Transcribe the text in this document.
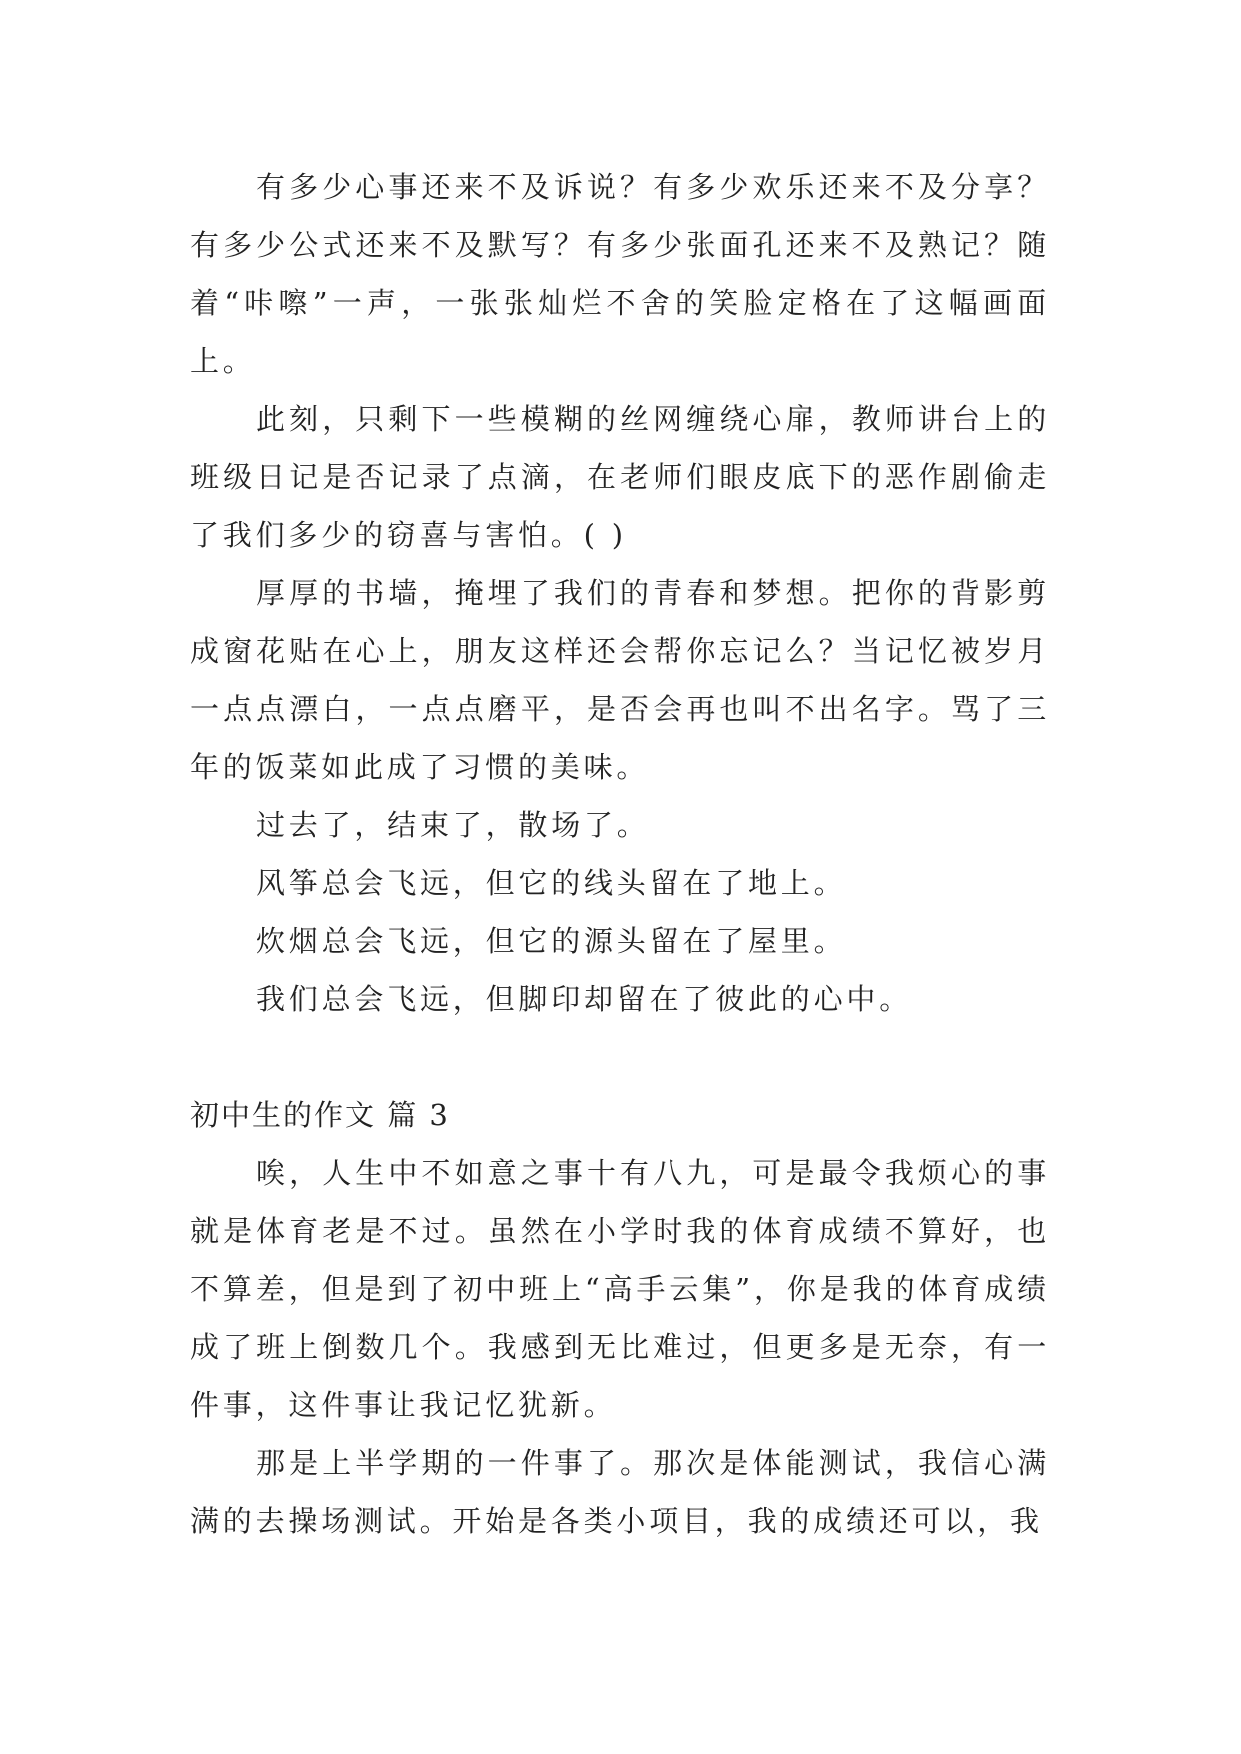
有多少心事还来不及诉说？有多少欢乐还来不及分享？有多少公式还来不及默写？有多少张面孔还来不及熟记？随着“咔嚓”一声，一张张灿烂不舍的笑脸定格在了这幅画面上。

此刻，只剩下一些模糊的丝网缠绕心扉，教师讲台上的班级日记是否记录了点滴，在老师们眼皮底下的恶作剧偷走了我们多少的窃喜与害怕。( )

厚厚的书墙，掩埋了我们的青春和梦想。把你的背影剪成窗花贴在心上，朋友这样还会帮你忘记么？当记忆被岁月一点点漂白，一点点磨平，是否会再也叫不出名字。骂了三年的饭菜如此成了习惯的美味。

过去了，结束了，散场了。

风筝总会飞远，但它的线头留在了地上。

炊烟总会飞远，但它的源头留在了屋里。

我们总会飞远，但脚印却留在了彼此的心中。

初中生的作文 篇 3

唉，人生中不如意之事十有八九，可是最令我烦心的事就是体育老是不过。虽然在小学时我的体育成绩不算好，也不算差，但是到了初中班上“高手云集”，你是我的体育成绩成了班上倒数几个。我感到无比难过，但更多是无奈，有一件事，这件事让我记忆犹新。

那是上半学期的一件事了。那次是体能测试，我信心满满的去操场测试。开始是各类小项目，我的成绩还可以，我
